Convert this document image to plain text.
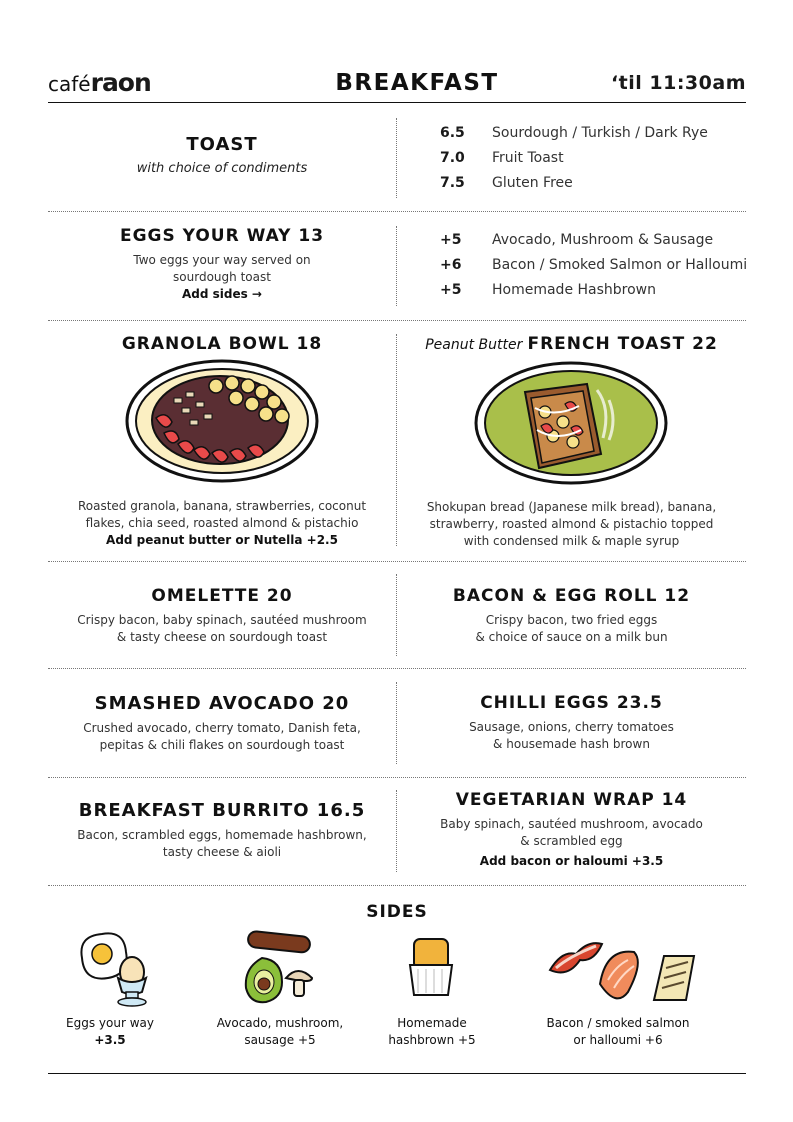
caféraon	BREAKFAST	‘til 11:30am
TOAST
with choice of condiments
6.5 Sourdough / Turkish / Dark Rye
7.0 Fruit Toast
7.5 Gluten Free
EGGS YOUR WAY 13
Two eggs your way served on
sourdough toast
Add sides →
+5 Avocado, Mushroom & Sausage
+6 Bacon / Smoked Salmon or Halloumi
+5 Homemade Hashbrown
GRANOLA BOWL 18
Roasted granola, banana, strawberries, coconut
flakes, chia seed, roasted almond & pistachio
Add peanut butter or Nutella +2.5
Peanut Butter FRENCH TOAST 22
Shokupan bread (Japanese milk bread), banana,
strawberry, roasted almond & pistachio topped
with condensed milk & maple syrup
OMELETTE 20
Crispy bacon, baby spinach, sautéed mushroom
& tasty cheese on sourdough toast
BACON & EGG ROLL 12
Crispy bacon, two fried eggs
& choice of sauce on a milk bun
SMASHED AVOCADO 20
Crushed avocado, cherry tomato, Danish feta,
pepitas & chili flakes on sourdough toast
CHILLI EGGS 23.5
Sausage, onions, cherry tomatoes
& housemade hash brown
BREAKFAST BURRITO 16.5
Bacon, scrambled eggs, homemade hashbrown,
tasty cheese & aioli
VEGETARIAN WRAP 14
Baby spinach, sautéed mushroom, avocado
& scrambled egg
Add bacon or haloumi +3.5
SIDES
Eggs your way
+3.5
Avocado, mushroom,
sausage +5
Homemade
hashbrown +5
Bacon / smoked salmon
or halloumi +6
